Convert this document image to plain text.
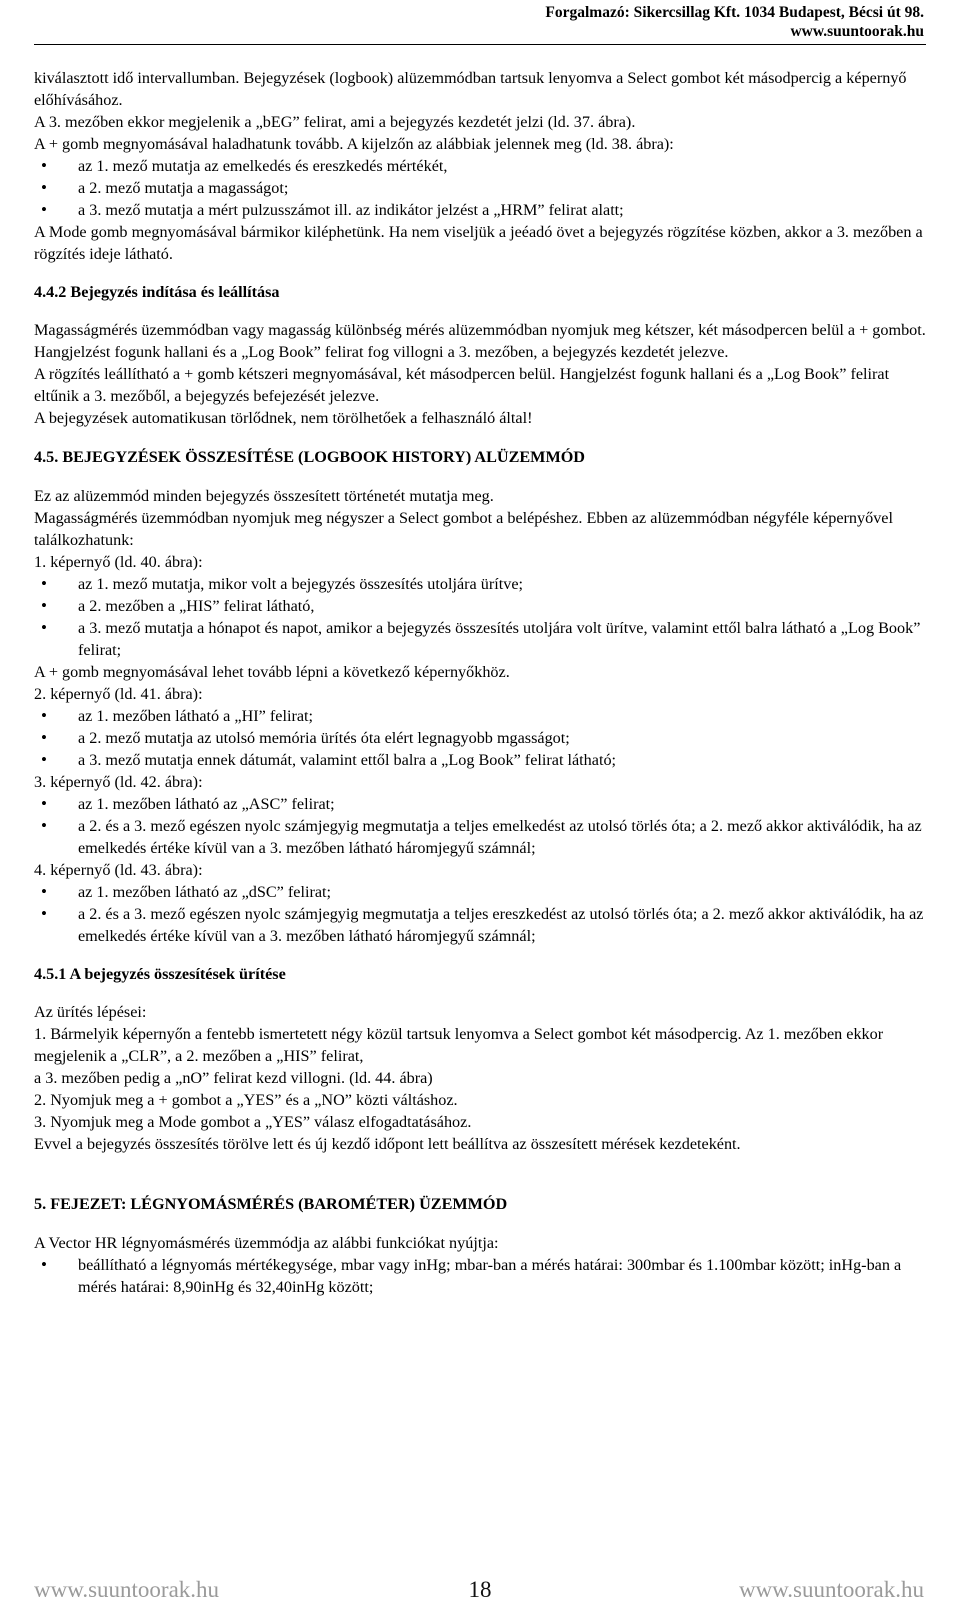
Forgalmazó: Sikercsillag Kft. 1034 Budapest, Bécsi út 98.
www.suuntoorak.hu

kiválasztott idő intervallumban. Bejegyzések (logbook) alüzemmódban tartsuk lenyomva a Select gombot két másodpercig a képernyő előhívásához.

A 3. mezőben ekkor megjelenik a „bEG” felirat, ami a bejegyzés kezdetét jelzi (ld. 37. ábra).

A + gomb megnyomásával haladhatunk tovább. A kijelzőn az alábbiak jelennek meg (ld. 38. ábra):

• az 1. mező mutatja az emelkedés és ereszkedés mértékét,
• a 2. mező mutatja a magasságot;
• a 3. mező mutatja a mért pulzusszámot ill. az indikátor jelzést a „HRM” felirat alatt;

A Mode gomb megnyomásával bármikor kiléphetünk. Ha nem viseljük a jeéadó övet a bejegyzés rögzítése közben, akkor a 3. mezőben a rögzítés ideje látható.

4.4.2 Bejegyzés indítása és leállítása

Magasságmérés üzemmódban vagy magasság különbség mérés alüzemmódban nyomjuk meg kétszer, két másodpercen belül a + gombot. Hangjelzést fogunk hallani és a „Log Book” felirat fog villogni a 3. mezőben, a bejegyzés kezdetét jelezve.

A rögzítés leállítható a + gomb kétszeri megnyomásával, két másodpercen belül. Hangjelzést fogunk hallani és a „Log Book” felirat eltűnik a 3. mezőből, a bejegyzés befejezését jelezve.

A bejegyzések automatikusan törlődnek, nem törölhetőek a felhasználó által!

4.5. BEJEGYZÉSEK ÖSSZESÍTÉSE (LOGBOOK HISTORY) ALÜZEMMÓD

Ez az alüzemmód minden bejegyzés összesített történetét mutatja meg.

Magasságmérés üzemmódban nyomjuk meg négyszer a Select gombot a belépéshez. Ebben az alüzemmódban négyféle képernyővel találkozhatunk:

1. képernyő (ld. 40. ábra):

• az 1. mező mutatja, mikor volt a bejegyzés összesítés utoljára ürítve;
• a 2. mezőben a „HIS” felirat látható,
• a 3. mező mutatja a hónapot és napot, amikor a bejegyzés összesítés utoljára volt ürítve, valamint ettől balra látható a „Log Book” felirat;

A + gomb megnyomásával lehet tovább lépni a következő képernyőkhöz.

2. képernyő (ld. 41. ábra):

• az 1. mezőben látható a „HI” felirat;
• a 2. mező mutatja az utolsó memória ürítés óta elért legnagyobb mgasságot;
• a 3. mező mutatja ennek dátumát, valamint ettől balra a „Log Book” felirat látható;

3. képernyő (ld. 42. ábra):

• az 1. mezőben látható az „ASC” felirat;
• a 2. és a 3. mező egészen nyolc számjegyig megmutatja a teljes emelkedést az utolsó törlés óta; a 2. mező akkor aktiválódik, ha az emelkedés értéke kívül van a 3. mezőben látható háromjegyű számnál;

4. képernyő (ld. 43. ábra):

• az 1. mezőben látható az „dSC” felirat;
• a 2. és a 3. mező egészen nyolc számjegyig megmutatja a teljes ereszkedést az utolsó törlés óta; a 2. mező akkor aktiválódik, ha az emelkedés értéke kívül van a 3. mezőben látható háromjegyű számnál;

4.5.1 A bejegyzés összesítések ürítése

Az ürítés lépései:

1. Bármelyik képernyőn a fentebb ismertetett négy közül tartsuk lenyomva a Select gombot két másodpercig. Az 1. mezőben ekkor megjelenik a „CLR”, a 2. mezőben a „HIS” felirat,

a 3. mezőben pedig a „nO” felirat kezd villogni. (ld. 44. ábra)

2. Nyomjuk meg a + gombot a „YES” és a „NO” közti váltáshoz.

3. Nyomjuk meg a Mode gombot a „YES” válasz elfogadtatásához.

Evvel a bejegyzés összesítés törölve lett és új kezdő időpont lett beállítva az összesített mérések kezdeteként.

5. FEJEZET: LÉGNYOMÁSMÉRÉS (BAROMÉTER) ÜZEMMÓD

A Vector HR légnyomásmérés üzemmódja az alábbi funkciókat nyújtja:

• beállítható a légnyomás mértékegysége, mbar vagy inHg; mbar-ban a mérés határai: 300mbar és 1.100mbar között; inHg-ban a mérés határai: 8,90inHg és 32,40inHg között;
18
www.suuntoorak.hu	www.suuntoorak.hu
